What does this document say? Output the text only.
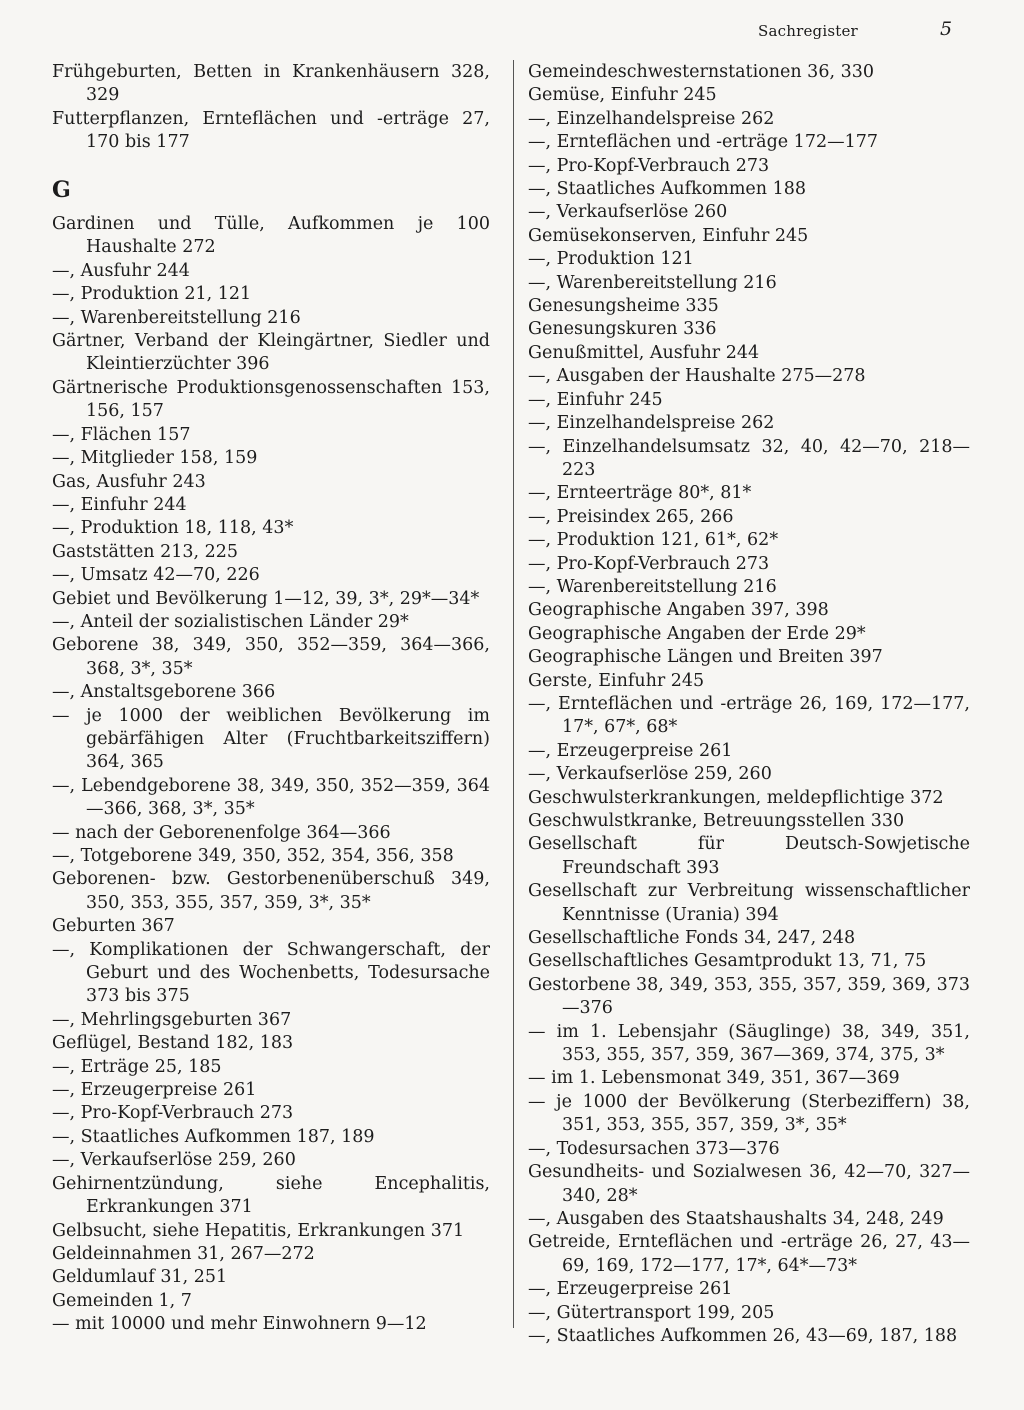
Sachregister	5

Frühgeburten, Betten in Krankenhäusern 328, 329

Futterpflanzen, Ernteflächen und -erträge 27, 170 bis 177

G

Gardinen und Tülle, Aufkommen je 100 Haushalte 272

—, Ausfuhr 244

—, Produktion 21, 121

—, Warenbereitstellung 216

Gärtner, Verband der Kleingärtner, Siedler und Kleintierzüchter 396

Gärtnerische Produktionsgenossenschaften 153, 156, 157

—, Flächen 157

—, Mitglieder 158, 159

Gas, Ausfuhr 243

—, Einfuhr 244

—, Produktion 18, 118, 43*

Gaststätten 213, 225

—, Umsatz 42—70, 226

Gebiet und Bevölkerung 1—12, 39, 3*, 29*—34*

—, Anteil der sozialistischen Länder 29*

Geborene 38, 349, 350, 352—359, 364—366, 368, 3*, 35*

—, Anstaltsgeborene 366

— je 1000 der weiblichen Bevölkerung im gebärfähigen Alter (Fruchtbarkeitsziffern) 364, 365

—, Lebendgeborene 38, 349, 350, 352—359, 364—366, 368, 3*, 35*

— nach der Geborenenfolge 364—366

—, Totgeborene 349, 350, 352, 354, 356, 358

Geborenen- bzw. Gestorbenenüberschuß 349, 350, 353, 355, 357, 359, 3*, 35*

Geburten 367

—, Komplikationen der Schwangerschaft, der Geburt und des Wochenbetts, Todesursache 373 bis 375

—, Mehrlingsgeburten 367

Geflügel, Bestand 182, 183

—, Erträge 25, 185

—, Erzeugerpreise 261

—, Pro-Kopf-Verbrauch 273

—, Staatliches Aufkommen 187, 189

—, Verkaufserlöse 259, 260

Gehirnentzündung, siehe Encephalitis, Erkrankungen 371

Gelbsucht, siehe Hepatitis, Erkrankungen 371

Geldeinnahmen 31, 267—272

Geldumlauf 31, 251

Gemeinden 1, 7

— mit 10000 und mehr Einwohnern 9—12

Gemeindeschwesternstationen 36, 330

Gemüse, Einfuhr 245

—, Einzelhandelspreise 262

—, Ernteflächen und -erträge 172—177

—, Pro-Kopf-Verbrauch 273

—, Staatliches Aufkommen 188

—, Verkaufserlöse 260

Gemüsekonserven, Einfuhr 245

—, Produktion 121

—, Warenbereitstellung 216

Genesungsheime 335

Genesungskuren 336

Genußmittel, Ausfuhr 244

—, Ausgaben der Haushalte 275—278

—, Einfuhr 245

—, Einzelhandelspreise 262

—, Einzelhandelsumsatz 32, 40, 42—70, 218—223

—, Ernteerträge 80*, 81*

—, Preisindex 265, 266

—, Produktion 121, 61*, 62*

—, Pro-Kopf-Verbrauch 273

—, Warenbereitstellung 216

Geographische Angaben 397, 398

Geographische Angaben der Erde 29*

Geographische Längen und Breiten 397

Gerste, Einfuhr 245

—, Ernteflächen und -erträge 26, 169, 172—177, 17*, 67*, 68*

—, Erzeugerpreise 261

—, Verkaufserlöse 259, 260

Geschwulsterkrankungen, meldepflichtige 372

Geschwulstkranke, Betreuungsstellen 330

Gesellschaft für Deutsch-Sowjetische Freundschaft 393

Gesellschaft zur Verbreitung wissenschaftlicher Kenntnisse (Urania) 394

Gesellschaftliche Fonds 34, 247, 248

Gesellschaftliches Gesamtprodukt 13, 71, 75

Gestorbene 38, 349, 353, 355, 357, 359, 369, 373—376

— im 1. Lebensjahr (Säuglinge) 38, 349, 351, 353, 355, 357, 359, 367—369, 374, 375, 3*

— im 1. Lebensmonat 349, 351, 367—369

— je 1000 der Bevölkerung (Sterbeziffern) 38, 351, 353, 355, 357, 359, 3*, 35*

—, Todesursachen 373—376

Gesundheits- und Sozialwesen 36, 42—70, 327—340, 28*

—, Ausgaben des Staatshaushalts 34, 248, 249

Getreide, Ernteflächen und -erträge 26, 27, 43—69, 169, 172—177, 17*, 64*—73*

—, Erzeugerpreise 261

—, Gütertransport 199, 205

—, Staatliches Aufkommen 26, 43—69, 187, 188
